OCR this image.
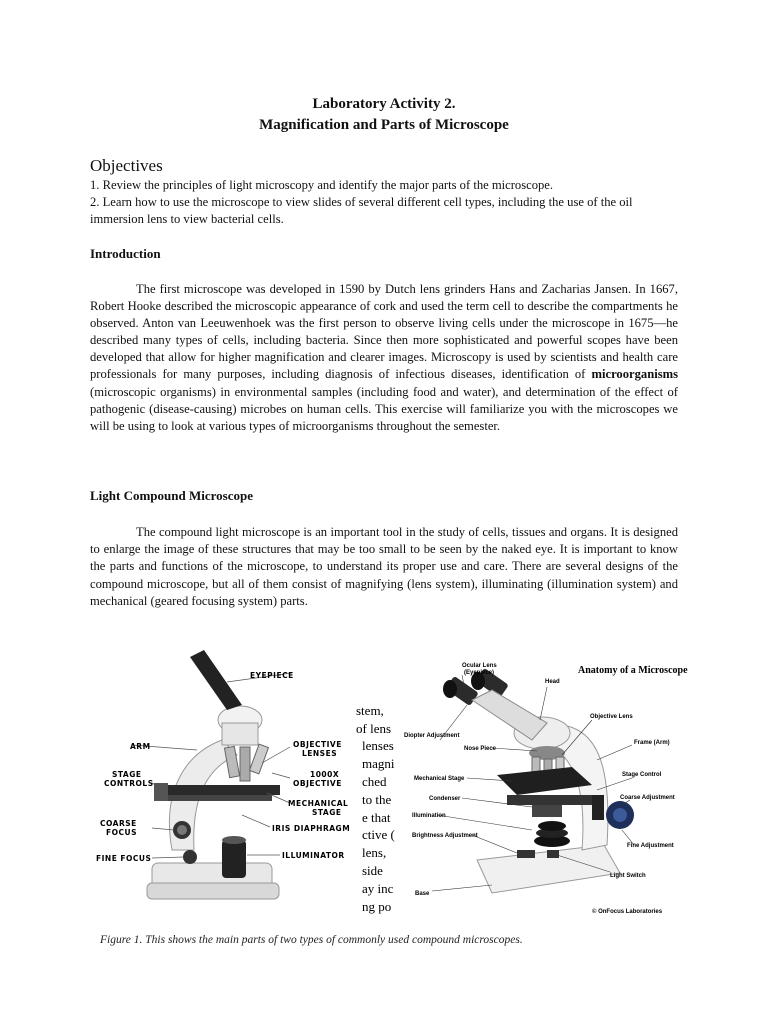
Laboratory Activity 2.
Magnification and Parts of Microscope
Objectives

1. Review the principles of light microscopy and identify the major parts of the microscope.

2. Learn how to use the microscope to view slides of several different cell types, including the use of the oil immersion lens to view bacterial cells.

Introduction

The first microscope was developed in 1590 by Dutch lens grinders Hans and Zacharias Jansen. In 1667, Robert Hooke described the microscopic appearance of cork and used the term cell to describe the compartments he observed. Anton van Leeuwenhoek was the first person to observe living cells under the microscope in 1675—he described many types of cells, including bacteria. Since then more sophisticated and powerful scopes have been developed that allow for higher magnification and clearer images. Microscopy is used by scientists and health care professionals for many purposes, including diagnosis of infectious diseases, identification of microorganisms (microscopic organisms) in environmental samples (including food and water), and determination of the effect of pathogenic (disease-causing) microbes on human cells. This exercise will familiarize you with the microscopes we will be using to look at various types of microorganisms throughout the semester.

Light Compound Microscope

The compound light microscope is an important tool in the study of cells, tissues and organs. It is designed to enlarge the image of these structures that may be too small to be seen by the naked eye. It is important to know the parts and functions of the microscope, to understand its proper use and care. There are several designs of the compound microscope, but all of them consist of magnifying (lens system), illuminating (illumination system) and mechanical (geared focusing system) parts.

stem,
of lens
lenses
magni
ched
to the
e that
ctive (
lens,
side
ay inc
ng po
EYEPIECE
ARM	OBJECTIVE
LENSES
STAGE
CONTROLS
1000X
OBJECTIVE
MECHANICAL
STAGE
COARSE
FOCUS	IRIS DIAPHRAGM
FINE FOCUS	ILLUMINATOR
Anatomy of a Microscope
Ocular Lens
(Eyepiece)
Head
Diopter Adjustment
Objective Lens
Frame (Arm)
Nose Piece
Mechanical Stage
Stage Control
Condenser	Coarse Adjustment
Illumination
Brightness Adjustment
Fine Adjustment
Light Switch
Base
© OnFocus Laboratories
Figure 1. This shows the main parts of two types of commonly used compound microscopes.
